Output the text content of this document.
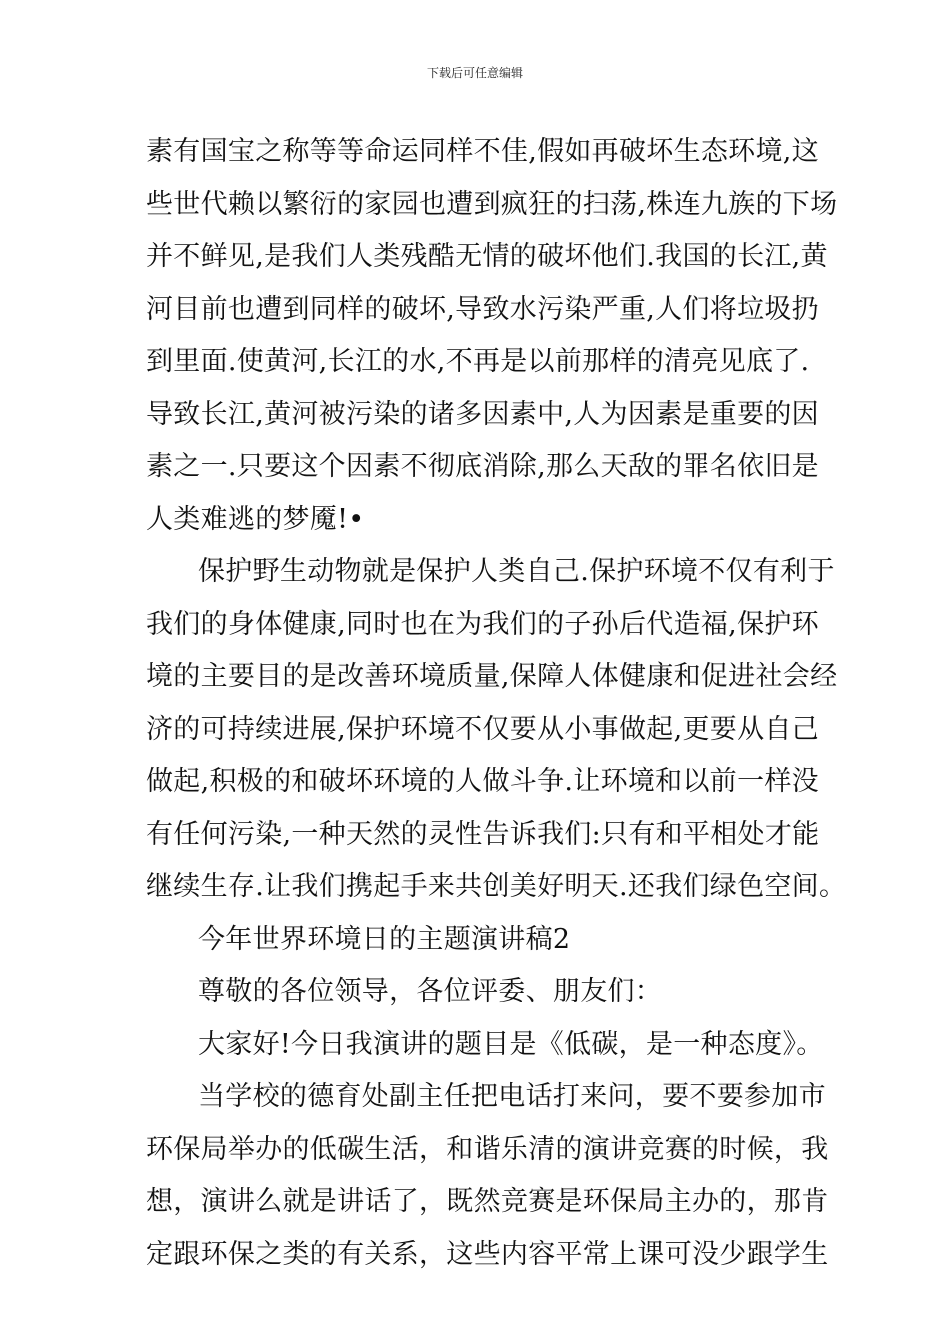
下载后可任意编辑
素有国宝之称等等命运同样不佳,假如再破坏生态环境,这
些世代赖以繁衍的家园也遭到疯狂的扫荡,株连九族的下场
并不鲜见,是我们人类残酷无情的破坏他们.我国的长江,黄
河目前也遭到同样的破坏,导致水污染严重,人们将垃圾扔
到里面.使黄河,长江的水,不再是以前那样的清亮见底了.
导致长江,黄河被污染的诸多因素中,人为因素是重要的因
素之一.只要这个因素不彻底消除,那么天敌的罪名依旧是
人类难逃的梦魇!•
保护野生动物就是保护人类自己.保护环境不仅有利于
我们的身体健康,同时也在为我们的子孙后代造福,保护环
境的主要目的是改善环境质量,保障人体健康和促进社会经
济的可持续进展,保护环境不仅要从小事做起,更要从自己
做起,积极的和破坏环境的人做斗争.让环境和以前一样没
有任何污染,一种天然的灵性告诉我们:只有和平相处才能
继续生存.让我们携起手来共创美好明天.还我们绿色空间。
今年世界环境日的主题演讲稿2
尊敬的各位领导，各位评委、朋友们：
大家好!今日我演讲的题目是《低碳，是一种态度》。
当学校的德育处副主任把电话打来问，要不要参加市
环保局举办的低碳生活，和谐乐清的演讲竞赛的时候，我
想，演讲么就是讲话了，既然竞赛是环保局主办的，那肯
定跟环保之类的有关系，这些内容平常上课可没少跟学生
